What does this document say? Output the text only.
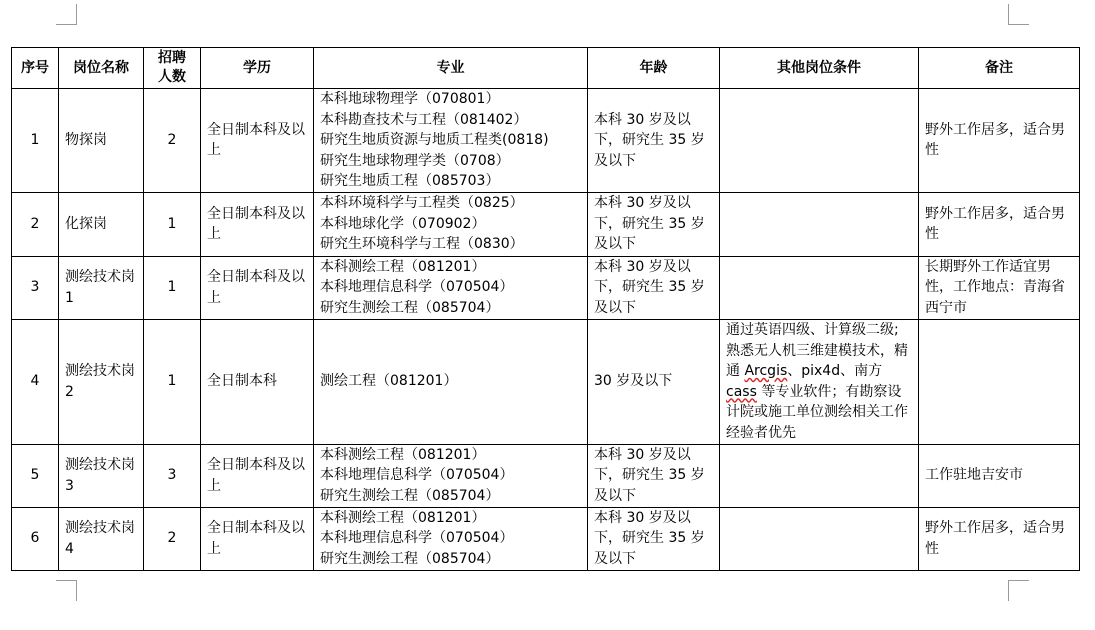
序号	岗位名称	招聘人数	学历	专业	年龄	其他岗位条件	备注
1	物探岗	2	全日制本科及以上	本科地球物理学（070801）
本科勘查技术与工程（081402）
研究生地质资源与地质工程类(0818)
研究生地球物理学类（0708）
研究生地质工程（085703）	本科 30 岁及以下，研究生 35 岁及以下		野外工作居多，适合男性
2	化探岗	1	全日制本科及以上	本科环境科学与工程类（0825）
本科地球化学（070902）
研究生环境科学与工程（0830）	本科 30 岁及以下，研究生 35 岁及以下		野外工作居多，适合男性
3	测绘技术岗 1	1	全日制本科及以上	本科测绘工程（081201）
本科地理信息科学（070504）
研究生测绘工程（085704）	本科 30 岁及以下，研究生 35 岁及以下		长期野外工作适宜男性，工作地点：青海省西宁市
4	测绘技术岗 2	1	全日制本科	测绘工程（081201）	30 岁及以下	通过英语四级、计算级二级;熟悉无人机三维建模技术，精通 Arcgis、pix4d、南方 cass 等专业软件；有勘察设计院或施工单位测绘相关工作经验者优先	
5	测绘技术岗 3	3	全日制本科及以上	本科测绘工程（081201）
本科地理信息科学（070504）
研究生测绘工程（085704）	本科 30 岁及以下，研究生 35 岁及以下		工作驻地吉安市
6	测绘技术岗 4	2	全日制本科及以上	本科测绘工程（081201）
本科地理信息科学（070504）
研究生测绘工程（085704）	本科 30 岁及以下，研究生 35 岁及以下		野外工作居多，适合男性
